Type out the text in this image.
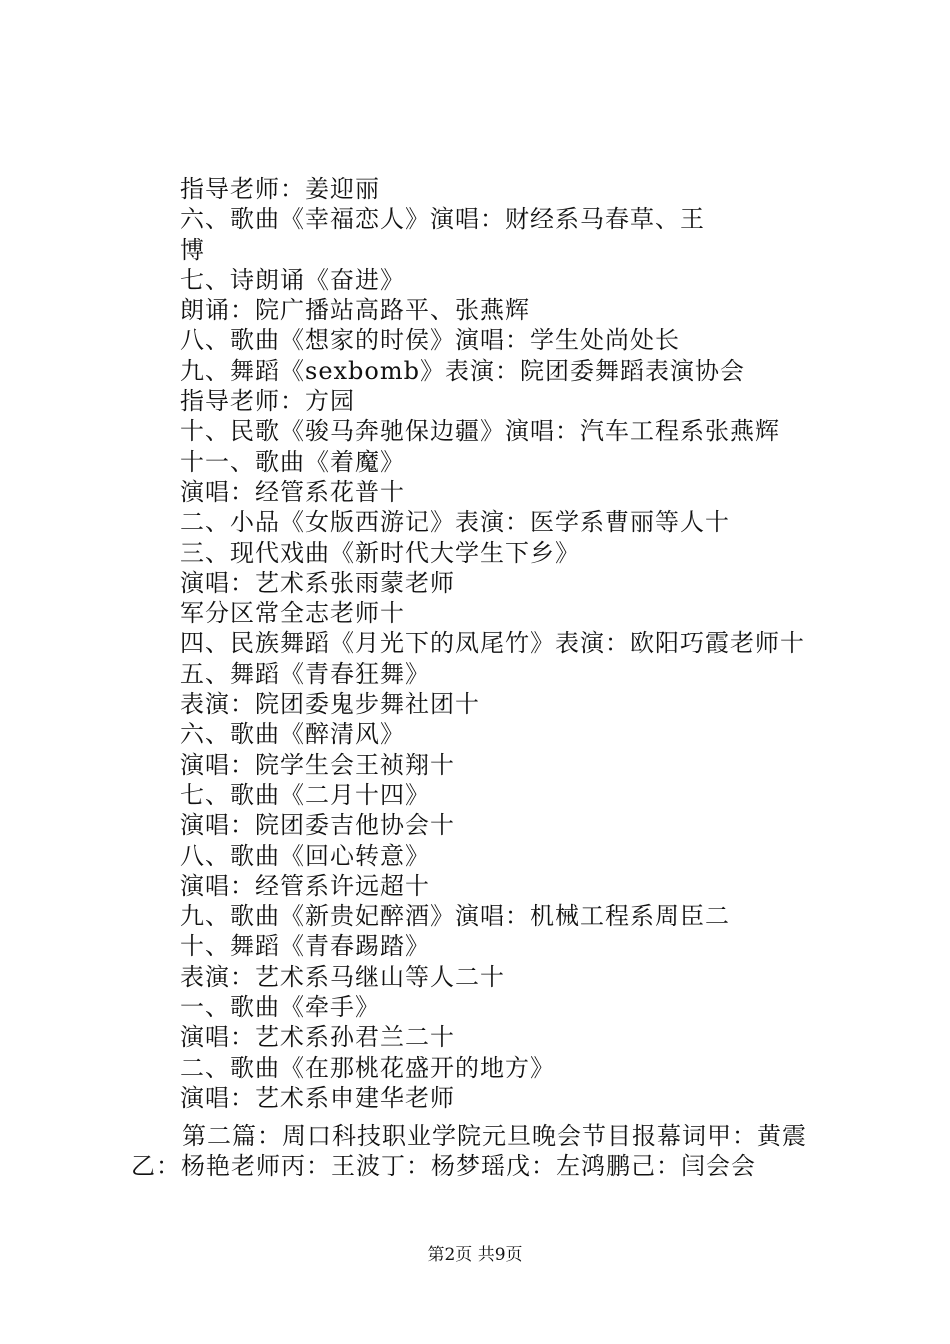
指导老师：姜迎丽
六、歌曲《幸福恋人》演唱：财经系马春草、王
博
七、诗朗诵《奋进》
朗诵：院广播站高路平、张燕辉
八、歌曲《想家的时侯》演唱：学生处尚处长
九、舞蹈《sexbomb》表演：院团委舞蹈表演协会
指导老师：方园
十、民歌《骏马奔驰保边疆》演唱：汽车工程系张燕辉
十一、歌曲《着魔》
演唱：经管系花普十
二、小品《女版西游记》表演：医学系曹丽等人十
三、现代戏曲《新时代大学生下乡》
演唱：艺术系张雨蒙老师
军分区常全志老师十
四、民族舞蹈《月光下的凤尾竹》表演：欧阳巧霞老师十
五、舞蹈《青春狂舞》
表演：院团委鬼步舞社团十
六、歌曲《醉清风》
演唱：院学生会王祯翔十
七、歌曲《二月十四》
演唱：院团委吉他协会十
八、歌曲《回心转意》
演唱：经管系许远超十
九、歌曲《新贵妃醉酒》演唱：机械工程系周臣二
十、舞蹈《青春踢踏》
表演：艺术系马继山等人二十
一、歌曲《牵手》
演唱：艺术系孙君兰二十
二、歌曲《在那桃花盛开的地方》
演唱：艺术系申建华老师
第二篇：周口科技职业学院元旦晚会节目报幕词甲：黄震
乙：杨艳老师丙：王波丁：杨梦瑶戊：左鸿鹏己：闫会会
第2页 共9页
